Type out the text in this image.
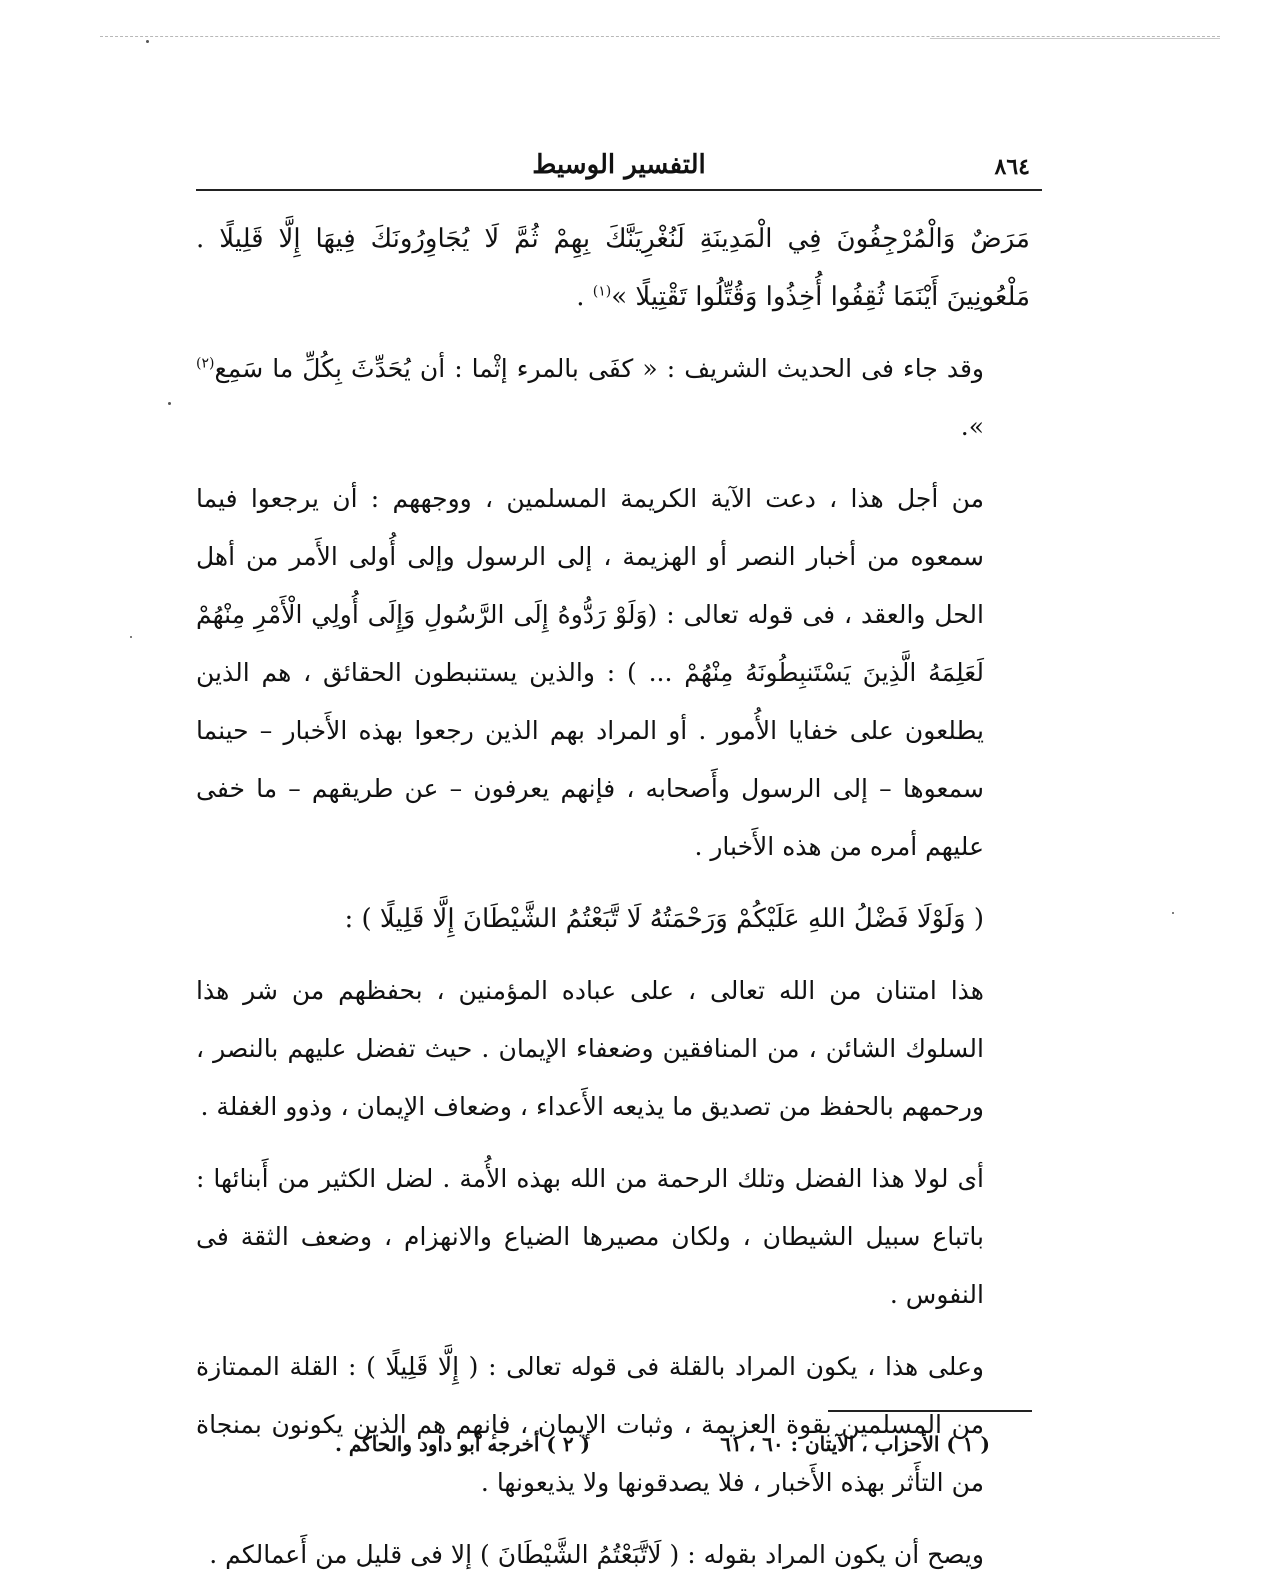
٨٦٤
التفسير الوسيط

مَرَضٌ وَالْمُرْجِفُونَ فِي الْمَدِينَةِ لَنُغْرِيَنَّكَ بِهِمْ ثُمَّ لَا يُجَاوِرُونَكَ فِيهَا إِلَّا قَلِيلًا . مَلْعُونِينَ أَيْنَمَا ثُقِفُوا أُخِذُوا وَقُتِّلُوا تَقْتِيلًا »$^{(١)}$ .

وقد جاء فى الحديث الشريف : « كفَى بالمرء إثْما : أن يُحَدِّثَ بِكُلِّ ما سَمِع$^{(٢)}$ ».

من أجل هذا ، دعت الآية الكريمة المسلمين ، ووجههم : أن يرجعوا فيما سمعوه من أخبار النصر أو الهزيمة ، إلى الرسول وإلى أُولى الأَمر من أهل الحل والعقد ، فى قوله تعالى : (وَلَوْ رَدُّوهُ إِلَى الرَّسُولِ وَإِلَى أُولِي الْأَمْرِ مِنْهُمْ لَعَلِمَهُ الَّذِينَ يَسْتَنبِطُونَهُ مِنْهُمْ ... ) : والذين يستنبطون الحقائق ، هم الذين يطلعون على خفايا الأُمور . أو المراد بهم الذين رجعوا بهذه الأَخبار – حينما سمعوها – إلى الرسول وأَصحابه ، فإنهم يعرفون – عن طريقهم – ما خفى عليهم أمره من هذه الأَخبار .

( وَلَوْلَا فَضْلُ اللهِ عَلَيْكُمْ وَرَحْمَتُهُ لَا تَّبَعْتُمُ الشَّيْطَانَ إِلَّا قَلِيلًا ) :

هذا امتنان من الله تعالى ، على عباده المؤمنين ، بحفظهم من شر هذا السلوك الشائن ، من المنافقين وضعفاء الإيمان . حيث تفضل عليهم بالنصر ، ورحمهم بالحفظ من تصديق ما يذيعه الأَعداء ، وضعاف الإيمان ، وذوو الغفلة .

أى لولا هذا الفضل وتلك الرحمة من الله بهذه الأُمة . لضل الكثير من أَبنائها : باتباع سبيل الشيطان ، ولكان مصيرها الضياع والانهزام ، وضعف الثقة فى النفوس .

وعلى هذا ، يكون المراد بالقلة فى قوله تعالى : ( إِلَّا قَلِيلًا ) : القلة الممتازة من المسلمين بقوة العزيمة ، وثبات الإيمان ، فإنهم هم الذين يكونون بمنجاة من التأَثر بهذه الأَخبار ، فلا يصدقونها ولا يذيعونها .

ويصح أن يكون المراد بقوله : ( لَاتَّبَعْتُمُ الشَّيْطَانَ ) إلا فى قليل من أَعمالكم .

( ١ ) الأحزاب ، الآيتان : ٦٠ ، ٦١
( ٢ ) أخرجه أبو داود والحاكم .
